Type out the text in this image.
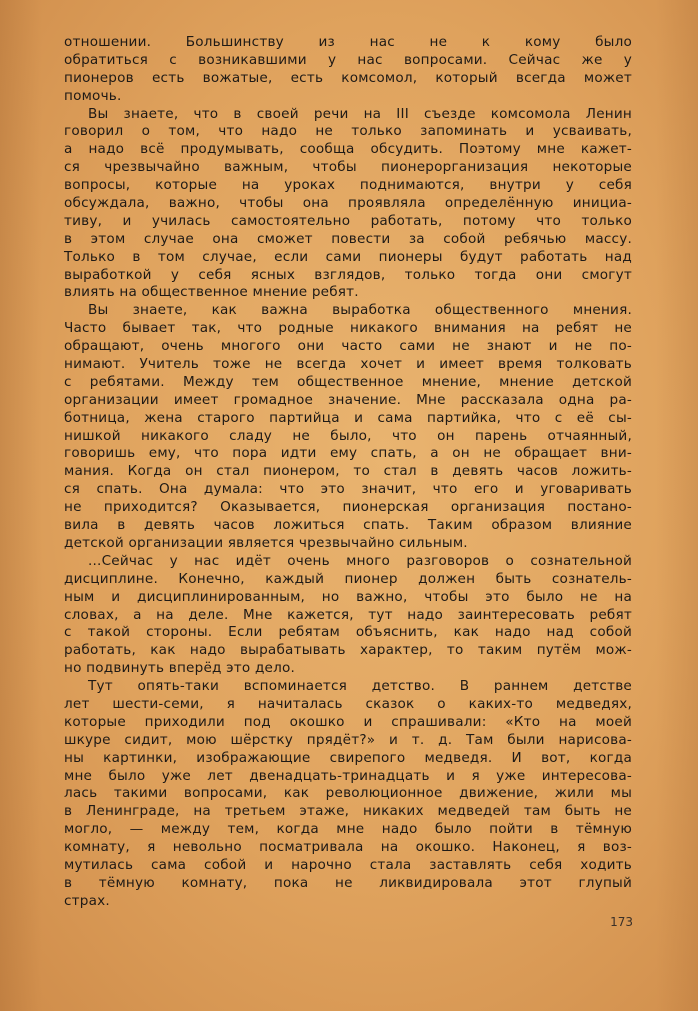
отношении. Большинству из нас не к кому было
обратиться с возникавшими у нас вопросами. Сейчас же у
пионеров есть вожатые, есть комсомол, который всегда может
помочь.
Вы знаете, что в своей речи на III съезде комсомола Ленин
говорил о том, что надо не только запоминать и усваивать,
а надо всё продумывать, сообща обсудить. Поэтому мне кажет-
ся чрезвычайно важным, чтобы пионерорганизация некоторые
вопросы, которые на уроках поднимаются, внутри у себя
обсуждала, важно, чтобы она проявляла определённую инициа-
тиву, и училась самостоятельно работать, потому что только
в этом случае она сможет повести за собой ребячью массу.
Только в том случае, если сами пионеры будут работать над
выработкой у себя ясных взглядов, только тогда они смогут
влиять на общественное мнение ребят.
Вы знаете, как важна выработка общественного мнения.
Часто бывает так, что родные никакого внимания на ребят не
обращают, очень многого они часто сами не знают и не по-
нимают. Учитель тоже не всегда хочет и имеет время толковать
с ребятами. Между тем общественное мнение, мнение детской
организации имеет громадное значение. Мне рассказала одна ра-
ботница, жена старого партийца и сама партийка, что с её сы-
нишкой никакого сладу не было, что он парень отчаянный,
говоришь ему, что пора идти ему спать, а он не обращает вни-
мания. Когда он стал пионером, то стал в девять часов ложить-
ся спать. Она думала: что это значит, что его и уговаривать
не приходится? Оказывается, пионерская организация постано-
вила в девять часов ложиться спать. Таким образом влияние
детской организации является чрезвычайно сильным.
...Сейчас у нас идёт очень много разговоров о сознательной
дисциплине. Конечно, каждый пионер должен быть сознатель-
ным и дисциплинированным, но важно, чтобы это было не на
словах, а на деле. Мне кажется, тут надо заинтересовать ребят
с такой стороны. Если ребятам объяснить, как надо над собой
работать, как надо вырабатывать характер, то таким путём мож-
но подвинуть вперёд это дело.
Тут опять-таки вспоминается детство. В раннем детстве
лет шести-семи, я начиталась сказок о каких-то медведях,
которые приходили под окошко и спрашивали: «Кто на моей
шкуре сидит, мою шёрстку прядёт?» и т. д. Там были нарисова-
ны картинки, изображающие свирепого медведя. И вот, когда
мне было уже лет двенадцать-тринадцать и я уже интересова-
лась такими вопросами, как революционное движение, жили мы
в Ленинграде, на третьем этаже, никаких медведей там быть не
могло, — между тем, когда мне надо было пойти в тёмную
комнату, я невольно посматривала на окошко. Наконец, я воз-
мутилась сама собой и нарочно стала заставлять себя ходить
в тёмную комнату, пока не ликвидировала этот глупый
страх.
173
